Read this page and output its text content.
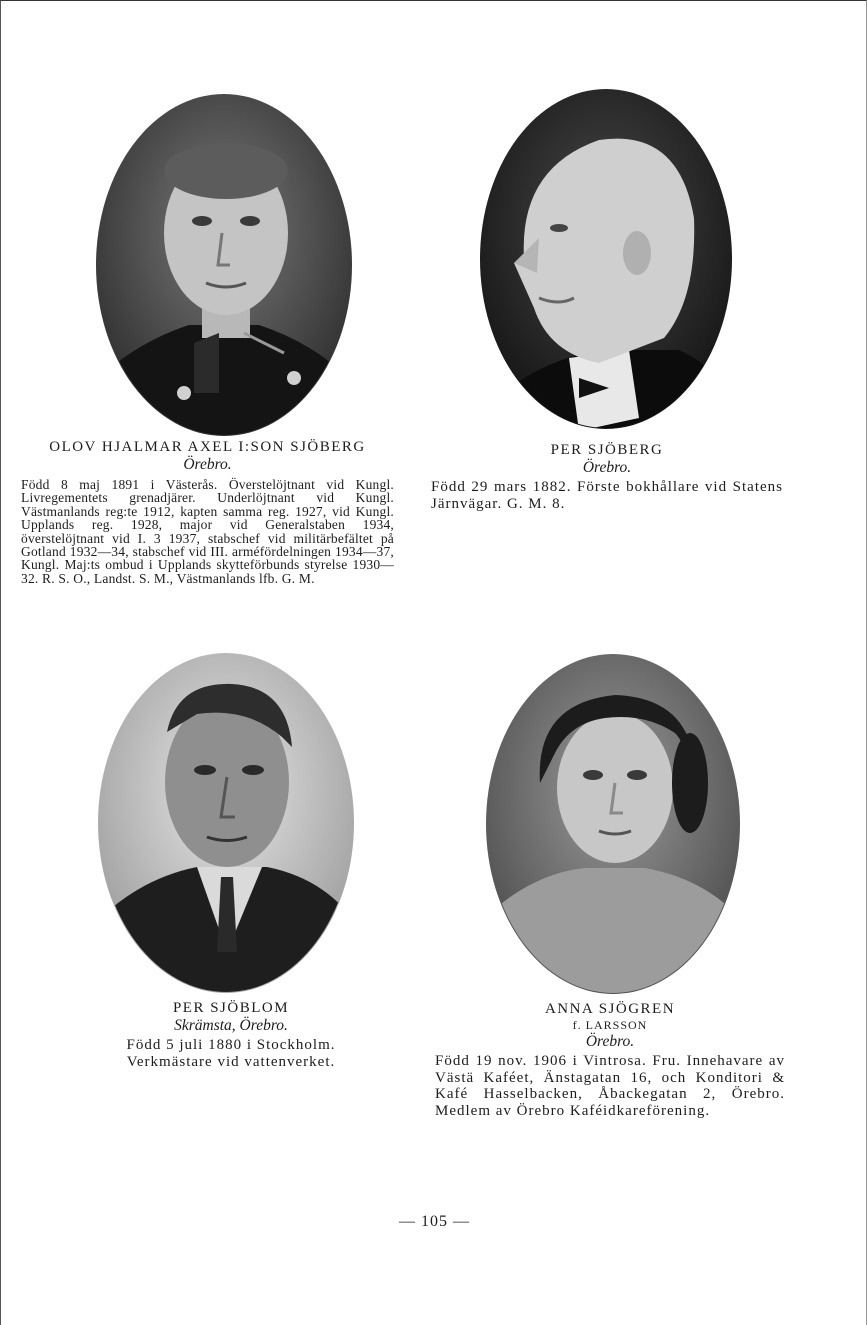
OLOV HJALMAR AXEL I:SON SJÖBERG

Örebro.

Född 8 maj 1891 i Västerås. Överstelöjtnant vid Kungl. Livregementets grenadjärer. Underlöjtnant vid Kungl. Västmanlands reg:te 1912, kapten samma reg. 1927, vid Kungl. Upplands reg. 1928, major vid Generalstaben 1934, överstelöjtnant vid I. 3 1937, stabschef vid militärbefältet på Gotland 1932—34, stabschef vid III. arméfördelningen 1934—37, Kungl. Maj:ts ombud i Upplands skytteförbunds styrelse 1930—32. R. S. O., Landst. S. M., Västmanlands lfb. G. M.

PER SJÖBERG

Örebro.

Född 29 mars 1882. Förste bokhållare vid Statens Järnvägar. G. M. 8.

PER SJÖBLOM

Skrämsta, Örebro.

Född 5 juli 1880 i Stockholm. Verkmästare vid vattenverket.

ANNA SJÖGREN

f. LARSSON

Örebro.

Född 19 nov. 1906 i Vintrosa. Fru. Innehavare av Västä Kaféet, Änstagatan 16, och Konditori & Kafé Hasselbacken, Åbackegatan 2, Örebro. Medlem av Örebro Kaféidkareförening.

— 105 —
